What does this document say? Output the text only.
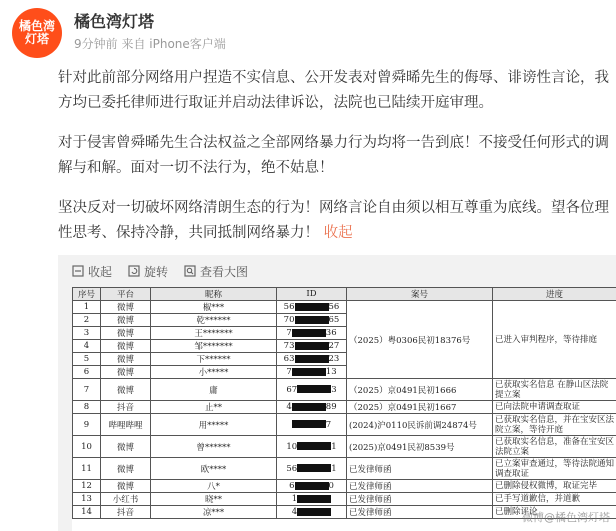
橘色湾
灯塔
橘色湾灯塔
9分钟前 来自 iPhone客户端

针对此前部分网络用户捏造不实信息、公开发表对曾舜晞先生的侮辱、诽谤性言论，我方均已委托律师进行取证并启动法律诉讼，法院也已陆续开庭审理。

对于侵害曾舜晞先生合法权益之全部网络暴力行为均将一告到底！不接受任何形式的调解与和解。面对一切不法行为，绝不姑息！

坚决反对一切破坏网络清朗生态的行为！网络言论自由须以相互尊重为底线。望各位理性思考、保持冷静，共同抵制网络暴力！ 收起

收起	旋转	查看大图
序号	平台	昵称	ID	案号	进度
1	微博	椒***	56 56	（2025）粤0306民初18376号	已进入审判程序，等待排庭
2	微博	乾******	70 65		
3	微博	王*******	7 36		
4	微博	邹*******	73 27		
5	微博	下******	63 23		
6	微博	小*****	7 13		
7	微博	庸	67 3	（2025）京0491民初1666	已获取实名信息 在静山区法院提立案
8	抖音	止**	4 89	（2025）京0491民初1667	已向法院申请调查取证
9	哔哩哔哩	用*****	7	(2024)沪0110民诉前调24874号	已获取实名信息，并在宝安区法院立案，等待开庭
10	微博	曾******	10 1	(2025)京0491民初8539号	已获取实名信息，准备在宝安区法院立案
11	微博	欧****	56 1	已发律师函	已立案审查通过，等待法院通知调查取证
12	微博	八*	6 0	已发律师函	已删除侵权微博，取证完毕
13	小红书	晓**	1	已发律师函	已手写道歉信，并道歉
14	抖音	凉***	4	已发律师函	已删除评论
微博@橘色湾灯塔
